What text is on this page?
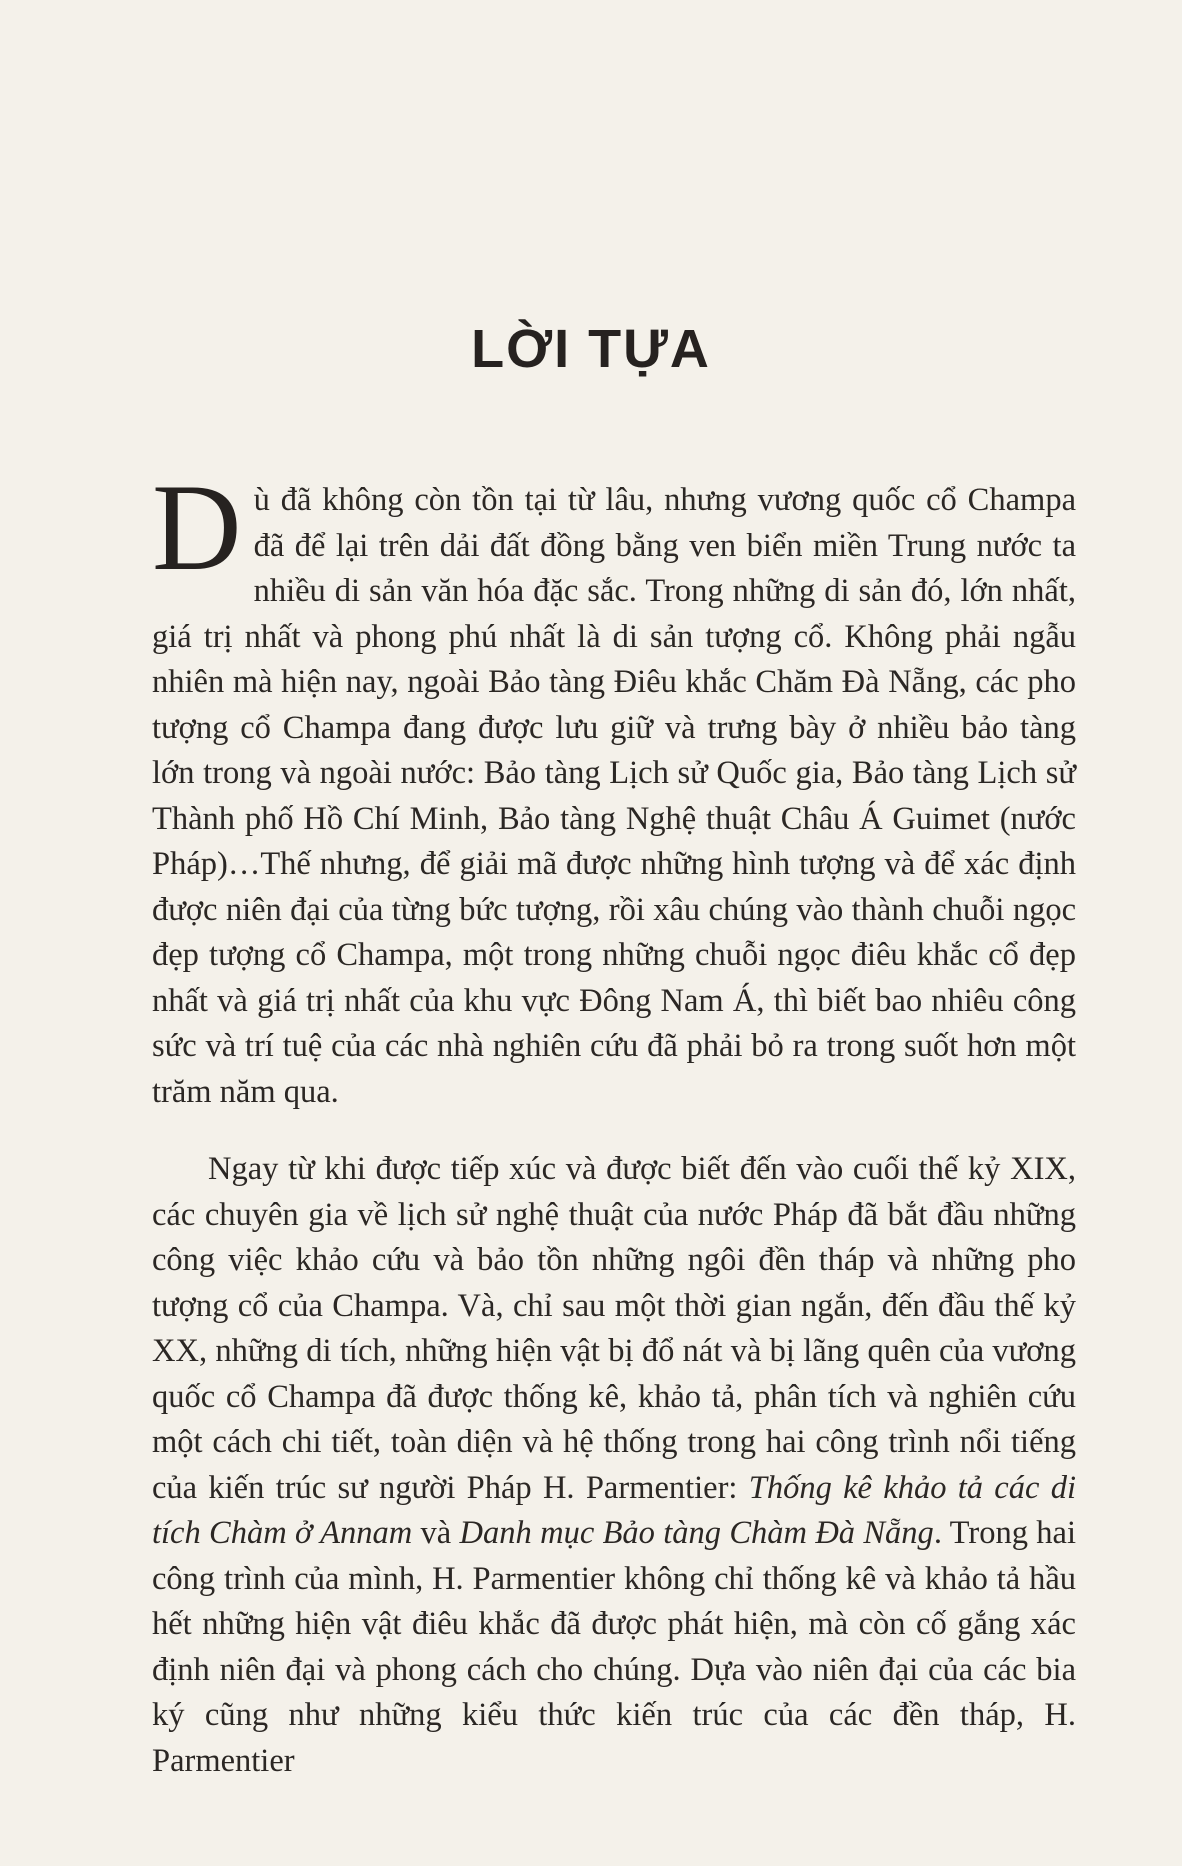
LỜI TỰA

Dù đã không còn tồn tại từ lâu, nhưng vương quốc cổ Champa đã để lại trên dải đất đồng bằng ven biển miền Trung nước ta nhiều di sản văn hóa đặc sắc. Trong những di sản đó, lớn nhất, giá trị nhất và phong phú nhất là di sản tượng cổ. Không phải ngẫu nhiên mà hiện nay, ngoài Bảo tàng Điêu khắc Chăm Đà Nẵng, các pho tượng cổ Champa đang được lưu giữ và trưng bày ở nhiều bảo tàng lớn trong và ngoài nước: Bảo tàng Lịch sử Quốc gia, Bảo tàng Lịch sử Thành phố Hồ Chí Minh, Bảo tàng Nghệ thuật Châu Á Guimet (nước Pháp)…Thế nhưng, để giải mã được những hình tượng và để xác định được niên đại của từng bức tượng, rồi xâu chúng vào thành chuỗi ngọc đẹp tượng cổ Champa, một trong những chuỗi ngọc điêu khắc cổ đẹp nhất và giá trị nhất của khu vực Đông Nam Á, thì biết bao nhiêu công sức và trí tuệ của các nhà nghiên cứu đã phải bỏ ra trong suốt hơn một trăm năm qua.

Ngay từ khi được tiếp xúc và được biết đến vào cuối thế kỷ XIX, các chuyên gia về lịch sử nghệ thuật của nước Pháp đã bắt đầu những công việc khảo cứu và bảo tồn những ngôi đền tháp và những pho tượng cổ của Champa. Và, chỉ sau một thời gian ngắn, đến đầu thế kỷ XX, những di tích, những hiện vật bị đổ nát và bị lãng quên của vương quốc cổ Champa đã được thống kê, khảo tả, phân tích và nghiên cứu một cách chi tiết, toàn diện và hệ thống trong hai công trình nổi tiếng của kiến trúc sư người Pháp H. Parmentier: Thống kê khảo tả các di tích Chàm ở Annam và Danh mục Bảo tàng Chàm Đà Nẵng. Trong hai công trình của mình, H. Parmentier không chỉ thống kê và khảo tả hầu hết những hiện vật điêu khắc đã được phát hiện, mà còn cố gắng xác định niên đại và phong cách cho chúng. Dựa vào niên đại của các bia ký cũng như những kiểu thức kiến trúc của các đền tháp, H. Parmentier
